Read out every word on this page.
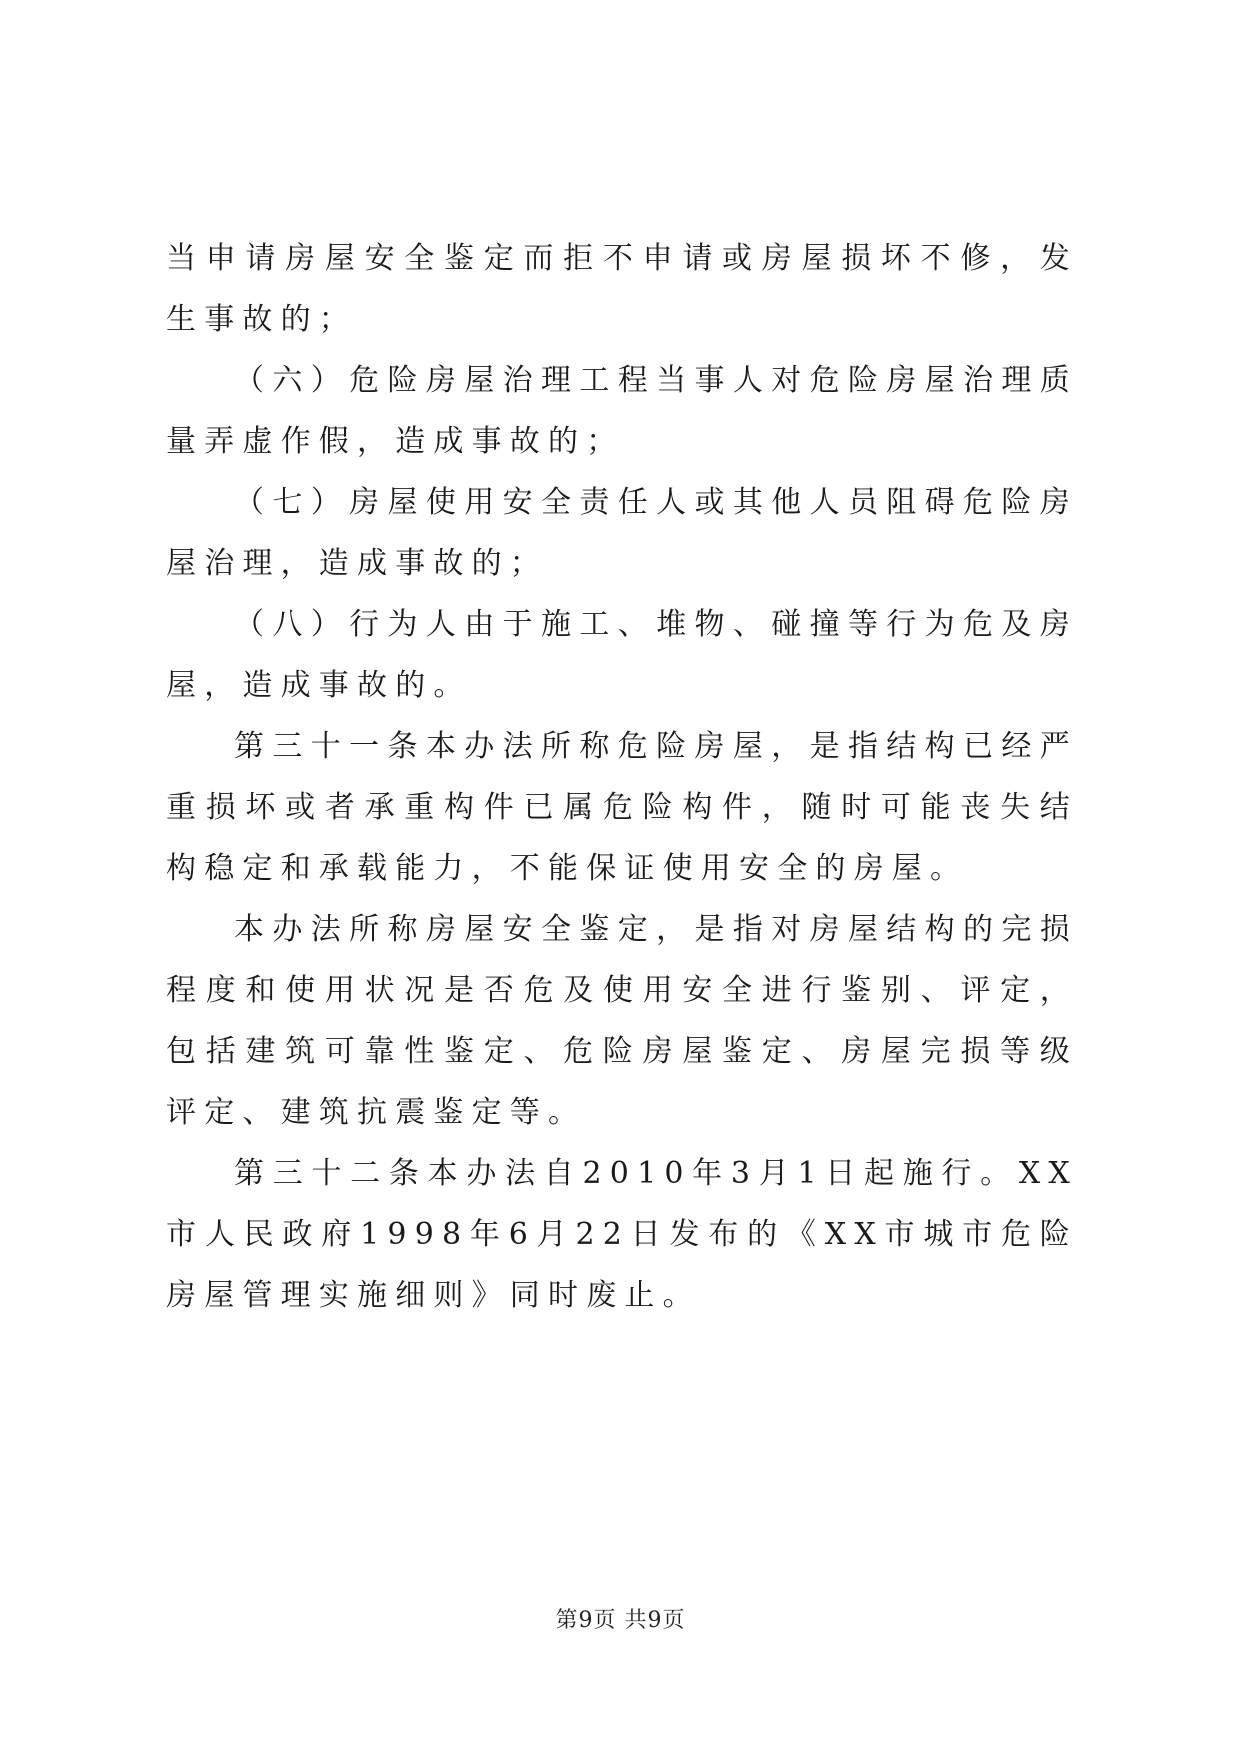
当申请房屋安全鉴定而拒不申请或房屋损坏不修，发生事故的；

（六）危险房屋治理工程当事人对危险房屋治理质量弄虚作假，造成事故的；

（七）房屋使用安全责任人或其他人员阻碍危险房屋治理，造成事故的；

（八）行为人由于施工、堆物、碰撞等行为危及房屋，造成事故的。

第三十一条本办法所称危险房屋，是指结构已经严重损坏或者承重构件已属危险构件，随时可能丧失结构稳定和承载能力，不能保证使用安全的房屋。

本办法所称房屋安全鉴定，是指对房屋结构的完损程度和使用状况是否危及使用安全进行鉴别、评定，包括建筑可靠性鉴定、危险房屋鉴定、房屋完损等级评定、建筑抗震鉴定等。

第三十二条本办法自2010年3月1日起施行。XX市人民政府1998年6月22日发布的《XX市城市危险房屋管理实施细则》同时废止。

第9页 共9页
